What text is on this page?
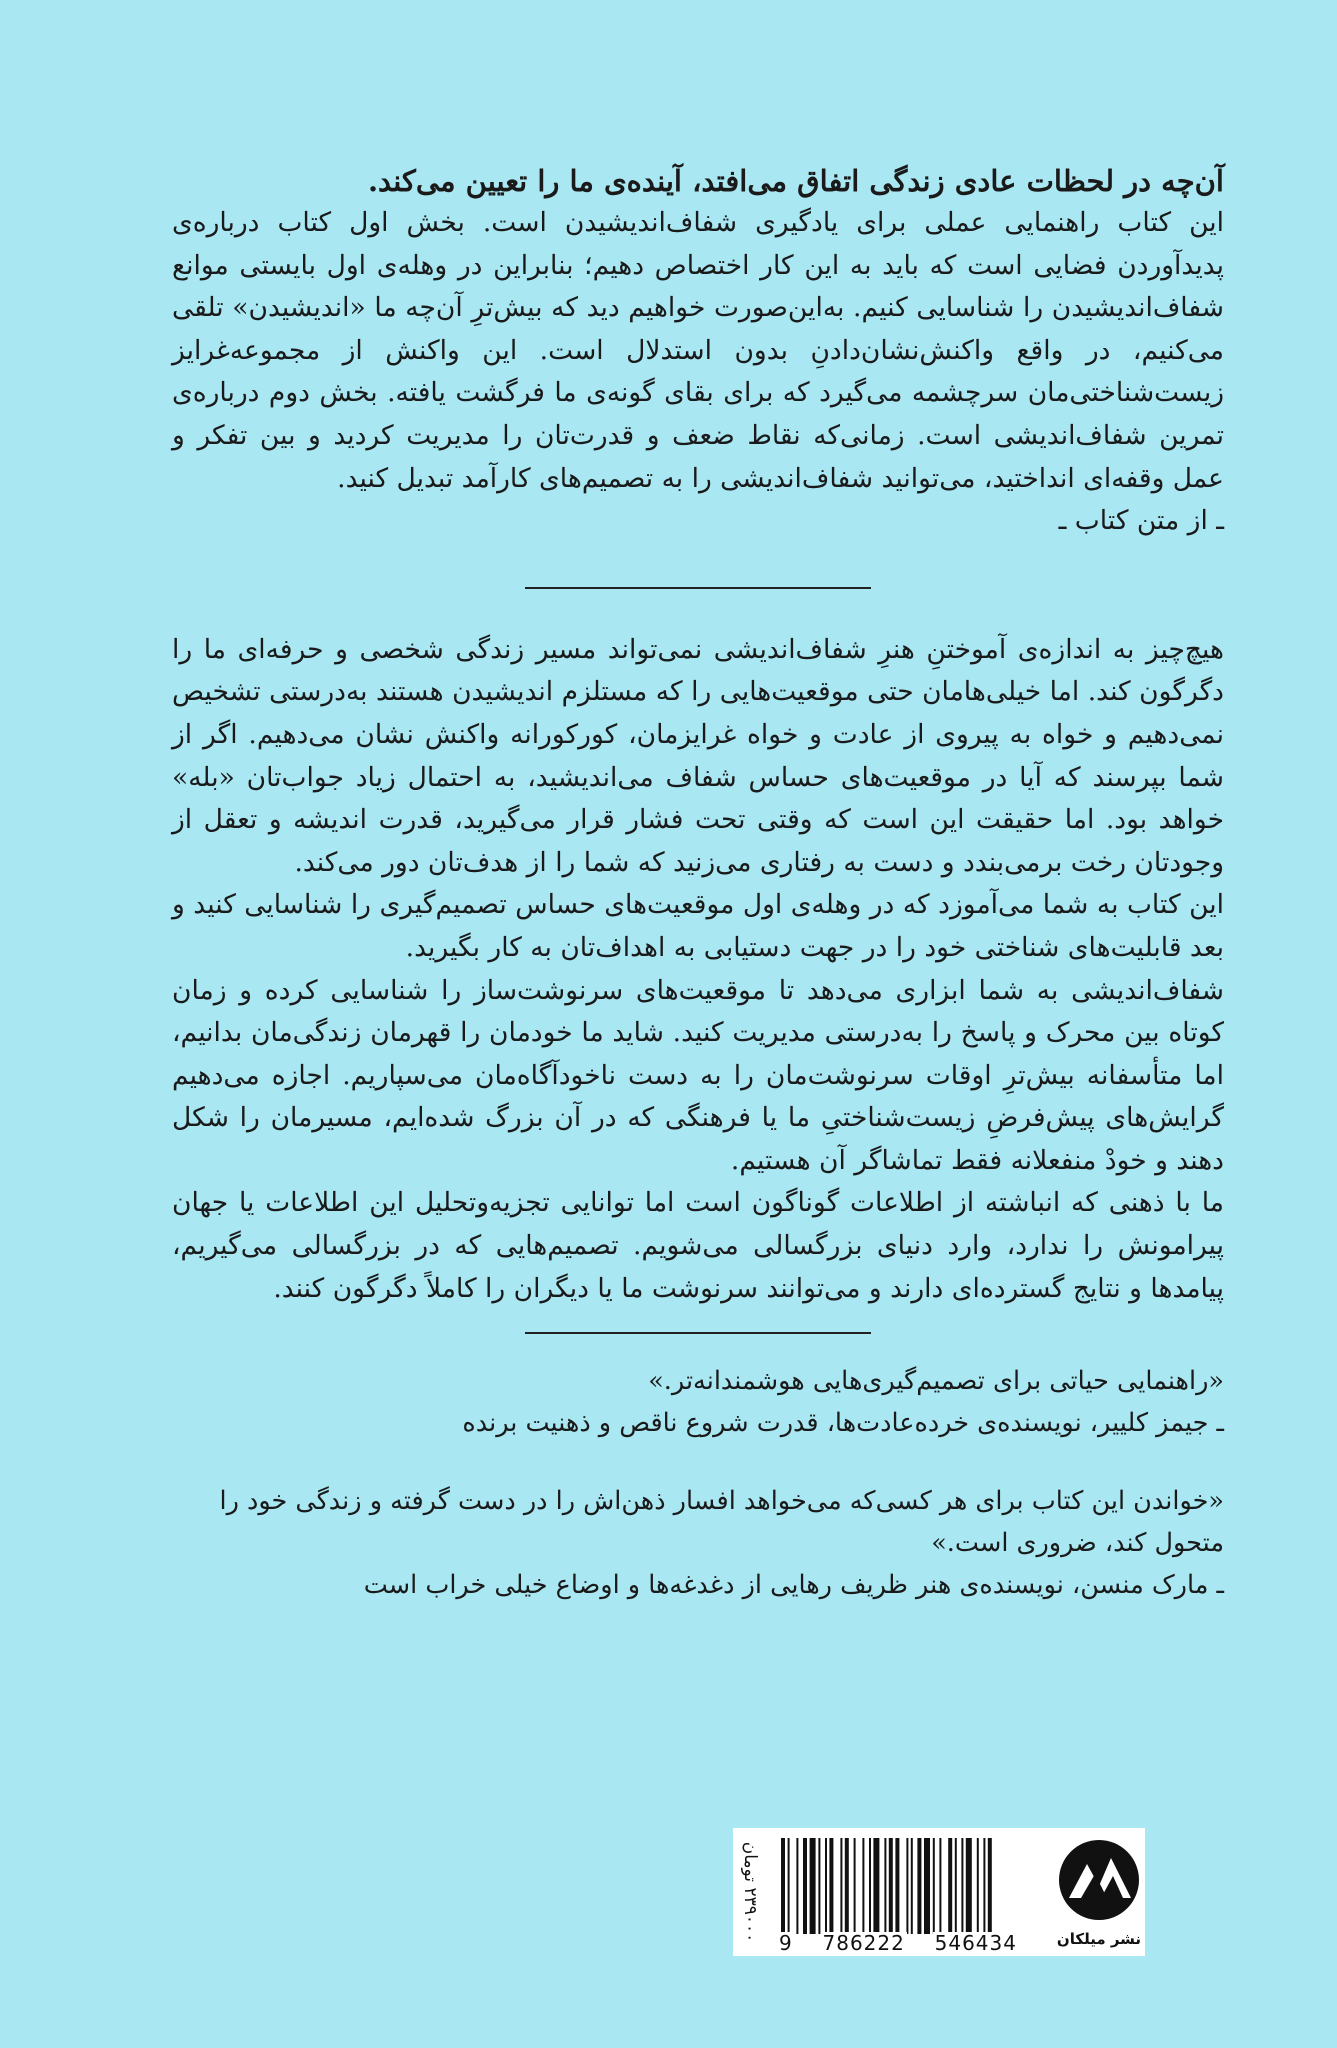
آن‌چه در لحظات عادی زندگی اتفاق می‌افتد، آینده‌ی ما را تعیین می‌کند.

این کتاب راهنمایی عملی برای یادگیری شفاف‌اندیشیدن است. بخش اول کتاب درباره‌ی پدیدآوردن فضایی است که باید به این کار اختصاص دهیم؛ بنابراین در وهله‌ی اول بایستی موانع شفاف‌اندیشیدن را شناسایی کنیم. به‌این‌صورت خواهیم دید که بیش‌ترِ آن‌چه ما «اندیشیدن» تلقی می‌کنیم، در واقع واکنش‌نشان‌دادنِ بدون استدلال است. این واکنش از مجموعه‌غرایز زیست‌شناختی‌مان سرچشمه می‌گیرد که برای بقای گونه‌ی ما فرگشت یافته. بخش دوم درباره‌ی تمرین شفاف‌اندیشی است. زمانی‌که نقاط ضعف و قدرت‌تان را مدیریت کردید و بین تفکر و عمل وقفه‌ای انداختید، می‌توانید شفاف‌اندیشی را به تصمیم‌های کارآمد تبدیل کنید.

ـ از متن کتاب ـ

هیچ‌چیز به اندازه‌ی آموختنِ هنرِ شفاف‌اندیشی نمی‌تواند مسیر زندگی شخصی و حرفه‌ای ما را دگرگون کند. اما خیلی‌هامان حتی موقعیت‌هایی را که مستلزم اندیشیدن هستند به‌درستی تشخیص نمی‌دهیم و خواه به پیروی از عادت و خواه غرایزمان، کورکورانه واکنش نشان می‌دهیم. اگر از شما بپرسند که آیا در موقعیت‌های حساس شفاف می‌اندیشید، به احتمال زیاد جواب‌تان «بله» خواهد بود. اما حقیقت این است که وقتی تحت فشار قرار می‌گیرید، قدرت اندیشه و تعقل از وجودتان رخت برمی‌بندد و دست به رفتاری می‌زنید که شما را از هدف‌تان دور می‌کند.

این کتاب به شما می‌آموزد که در وهله‌ی اول موقعیت‌های حساس تصمیم‌گیری را شناسایی کنید و بعد قابلیت‌های شناختی خود را در جهت دستیابی به اهداف‌تان به کار بگیرید.

شفاف‌اندیشی به شما ابزاری می‌دهد تا موقعیت‌های سرنوشت‌ساز را شناسایی کرده و زمان کوتاه بین محرک و پاسخ را به‌درستی مدیریت کنید. شاید ما خودمان را قهرمان زندگی‌مان بدانیم، اما متأسفانه بیش‌ترِ اوقات سرنوشت‌مان را به دست ناخودآگاه‌مان می‌سپاریم. اجازه می‌دهیم گرایش‌های پیش‌فرضِ زیست‌شناختیِ ما یا فرهنگی که در آن بزرگ شده‌ایم، مسیرمان را شکل دهند و خودْ منفعلانه فقط تماشاگر آن هستیم.

ما با ذهنی که انباشته از اطلاعات گوناگون است اما توانایی تجزیه‌وتحلیل این اطلاعات یا جهان پیرامونش را ندارد، وارد دنیای بزرگسالی می‌شویم. تصمیم‌هایی که در بزرگسالی می‌گیریم، پیامدها و نتایج گسترده‌ای دارند و می‌توانند سرنوشت ما یا دیگران را کاملاً دگرگون کنند.

«راهنمایی حیاتی برای تصمیم‌گیری‌هایی هوشمندانه‌تر.»

ـ جیمز کلییر، نویسنده‌ی خرده‌عادت‌ها، قدرت شروع ناقص و ذهنیت برنده

«خواندن این کتاب برای هر کسی‌که می‌خواهد افسار ذهن‌اش را در دست گرفته و زندگی خود را متحول کند، ضروری است.»

ـ مارک منسن، نویسنده‌ی هنر ظریف رهایی از دغدغه‌ها و اوضاع خیلی خراب است

۲۳۹۰۰۰ تومان
9 786222 546434	نشر میلکان
